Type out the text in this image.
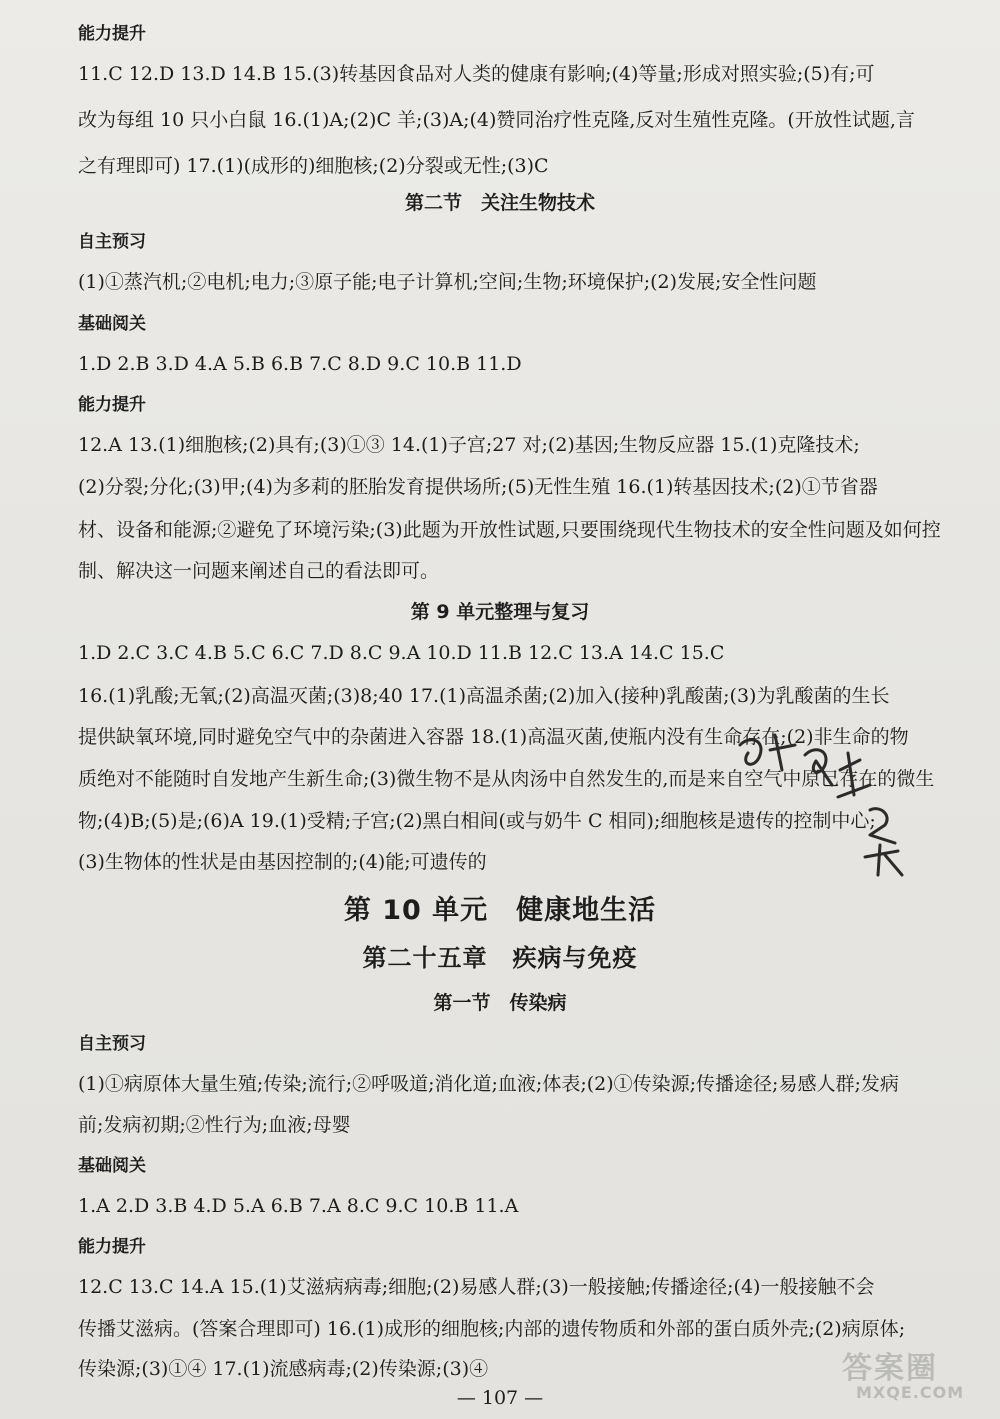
能力提升
11.C 12.D 13.D 14.B 15.(3)转基因食品对人类的健康有影响;(4)等量;形成对照实验;(5)有;可
改为每组 10 只小白鼠 16.(1)A;(2)C 羊;(3)A;(4)赞同治疗性克隆,反对生殖性克隆。(开放性试题,言
之有理即可) 17.(1)(成形的)细胞核;(2)分裂或无性;(3)C
第二节　关注生物技术
自主预习
(1)①蒸汽机;②电机;电力;③原子能;电子计算机;空间;生物;环境保护;(2)发展;安全性问题
基础阅关
1.D 2.B 3.D 4.A 5.B 6.B 7.C 8.D 9.C 10.B 11.D
能力提升
12.A 13.(1)细胞核;(2)具有;(3)①③ 14.(1)子宫;27 对;(2)基因;生物反应器 15.(1)克隆技术;
(2)分裂;分化;(3)甲;(4)为多莉的胚胎发育提供场所;(5)无性生殖 16.(1)转基因技术;(2)①节省器
材、设备和能源;②避免了环境污染;(3)此题为开放性试题,只要围绕现代生物技术的安全性问题及如何控
制、解决这一问题来阐述自己的看法即可。
第 9 单元整理与复习
1.D 2.C 3.C 4.B 5.C 6.C 7.D 8.C 9.A 10.D 11.B 12.C 13.A 14.C 15.C
16.(1)乳酸;无氧;(2)高温灭菌;(3)8;40 17.(1)高温杀菌;(2)加入(接种)乳酸菌;(3)为乳酸菌的生长
提供缺氧环境,同时避免空气中的杂菌进入容器 18.(1)高温灭菌,使瓶内没有生命存在;(2)非生命的物
质绝对不能随时自发地产生新生命;(3)微生物不是从肉汤中自然发生的,而是来自空气中原已存在的微生
物;(4)B;(5)是;(6)A 19.(1)受精;子宫;(2)黑白相间(或与奶牛 C 相同);细胞核是遗传的控制中心;
(3)生物体的性状是由基因控制的;(4)能;可遗传的
第 10 单元　健康地生活
第二十五章　疾病与免疫
第一节　传染病
自主预习
(1)①病原体大量生殖;传染;流行;②呼吸道;消化道;血液;体表;(2)①传染源;传播途径;易感人群;发病
前;发病初期;②性行为;血液;母婴
基础阅关
1.A 2.D 3.B 4.D 5.A 6.B 7.A 8.C 9.C 10.B 11.A
能力提升
12.C 13.C 14.A 15.(1)艾滋病病毒;细胞;(2)易感人群;(3)一般接触;传播途径;(4)一般接触不会
传播艾滋病。(答案合理即可) 16.(1)成形的细胞核;内部的遗传物质和外部的蛋白质外壳;(2)病原体;
传染源;(3)①④ 17.(1)流感病毒;(2)传染源;(3)④
— 107 —
答案圈
MXQE.COM
